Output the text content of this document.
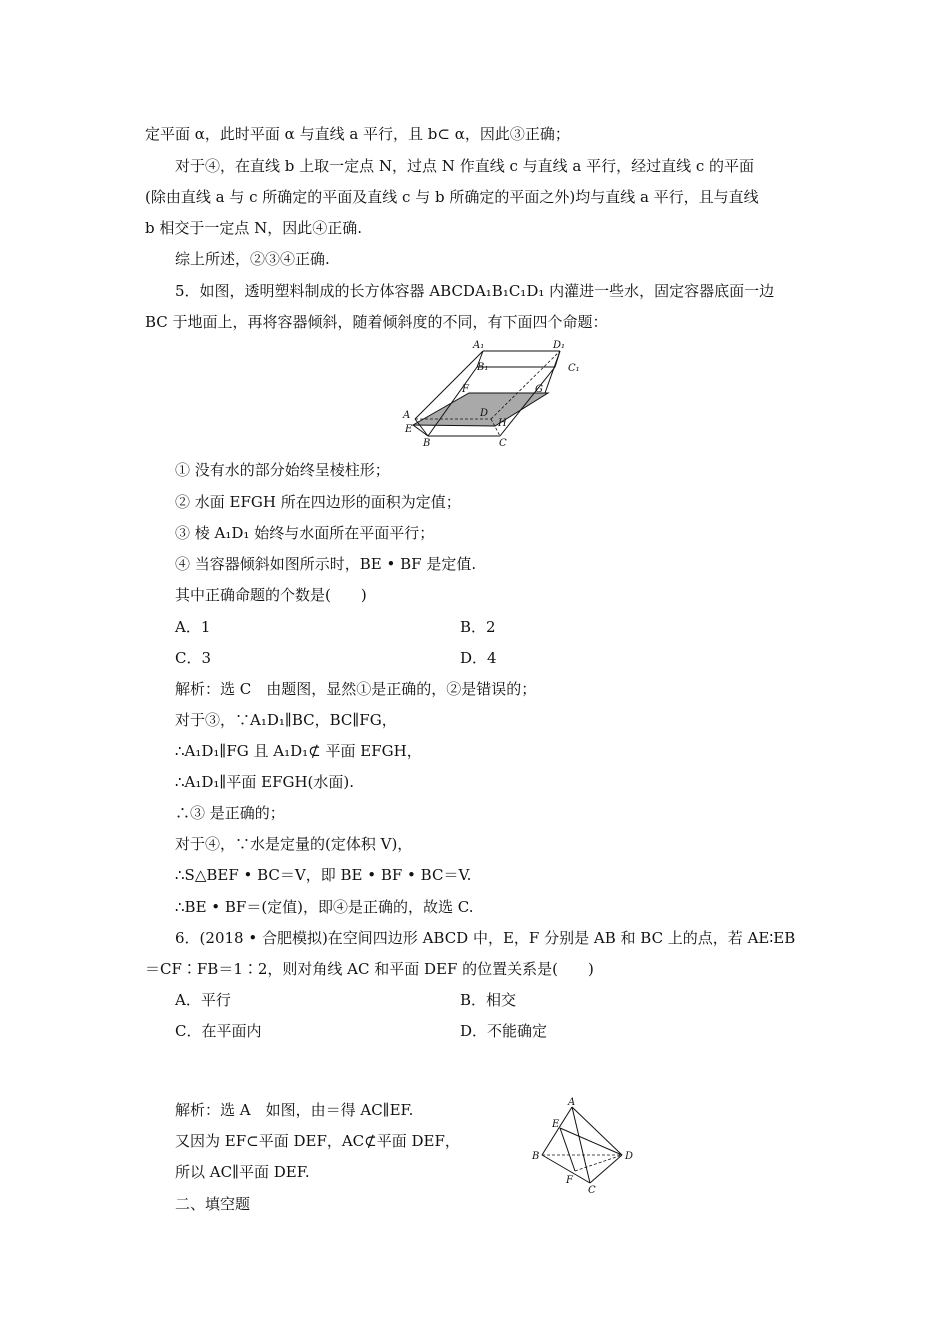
定平面 α，此时平面 α 与直线 a 平行，且 b⊂ α，因此③正确；
对于④，在直线 b 上取一定点 N，过点 N 作直线 c 与直线 a 平行，经过直线 c 的平面
(除由直线 a 与 c 所确定的平面及直线 c 与 b 所确定的平面之外)均与直线 a 平行，且与直线
b 相交于一定点 N，因此④正确.
综上所述，②③④正确.
5．如图，透明塑料制成的长方体容器 ABCDA₁B₁C₁D₁ 内灌进一些水，固定容器底面一边
BC 于地面上，再将容器倾斜，随着倾斜度的不同，有下面四个命题：
① 没有水的部分始终呈棱柱形；
② 水面 EFGH 所在四边形的面积为定值；
③ 棱 A₁D₁ 始终与水面所在平面平行；
④ 当容器倾斜如图所示时，BE • BF 是定值.
其中正确命题的个数是(　　)
解析：选 C　由题图，显然①是正确的，②是错误的；
对于③，∵A₁D₁∥BC，BC∥FG，
∴A₁D₁∥FG 且 A₁D₁⊄ 平面 EFGH，
∴A₁D₁∥平面 EFGH(水面).
∴③ 是正确的；
对于④，∵水是定量的(定体积 V)，
∴S△BEF • BC＝V，即 BE • BF • BC＝V.
∴BE • BF＝(定值)，即④是正确的，故选 C.
6．(2018 • 合肥模拟)在空间四边形 ABCD 中，E，F 分别是 AB 和 BC 上的点，若 AE∶EB
＝CF∶FB＝1∶2，则对角线 AC 和平面 DEF 的位置关系是(　　)
解析：选 A　如图，由＝得 AC∥EF.
又因为 EF⊂平面 DEF，AC⊄平面 DEF，
所以 AC∥平面 DEF.
二、填空题
A．1	B．2
C．3	D．4
A．平行	B．相交
C．在平面内	D．不能确定
A₁	D₁
B₁	C₁
F	G
A	D
E
H
B	C
A
E
B	D
F
C
